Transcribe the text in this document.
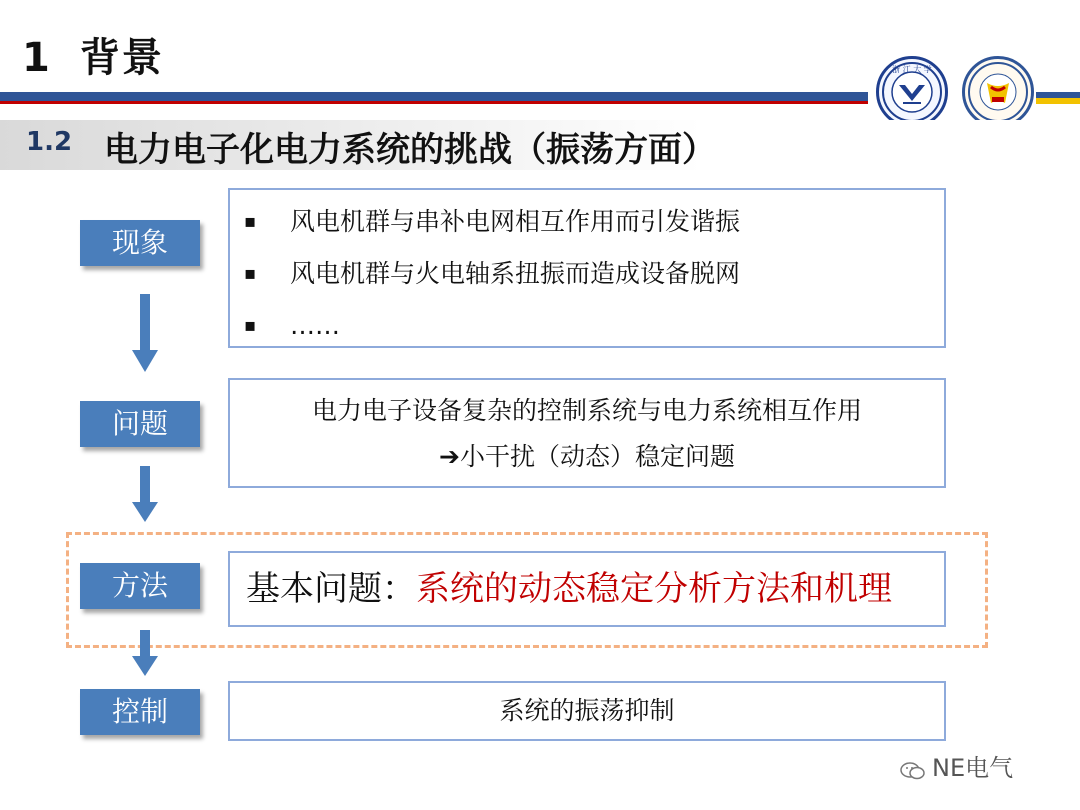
1 背景	浙 江 大 学
1.2 电力电子化电力系统的挑战（振荡方面）
现象
▪ 风电机群与串补电网相互作用而引发谐振
▪ 风电机群与火电轴系扭振而造成设备脱网
▪ ……
问题	电力电子设备复杂的控制系统与电力系统相互作用
➔小干扰（动态）稳定问题
方法	基本问题：系统的动态稳定分析方法和机理
控制	系统的振荡抑制
NE电气
